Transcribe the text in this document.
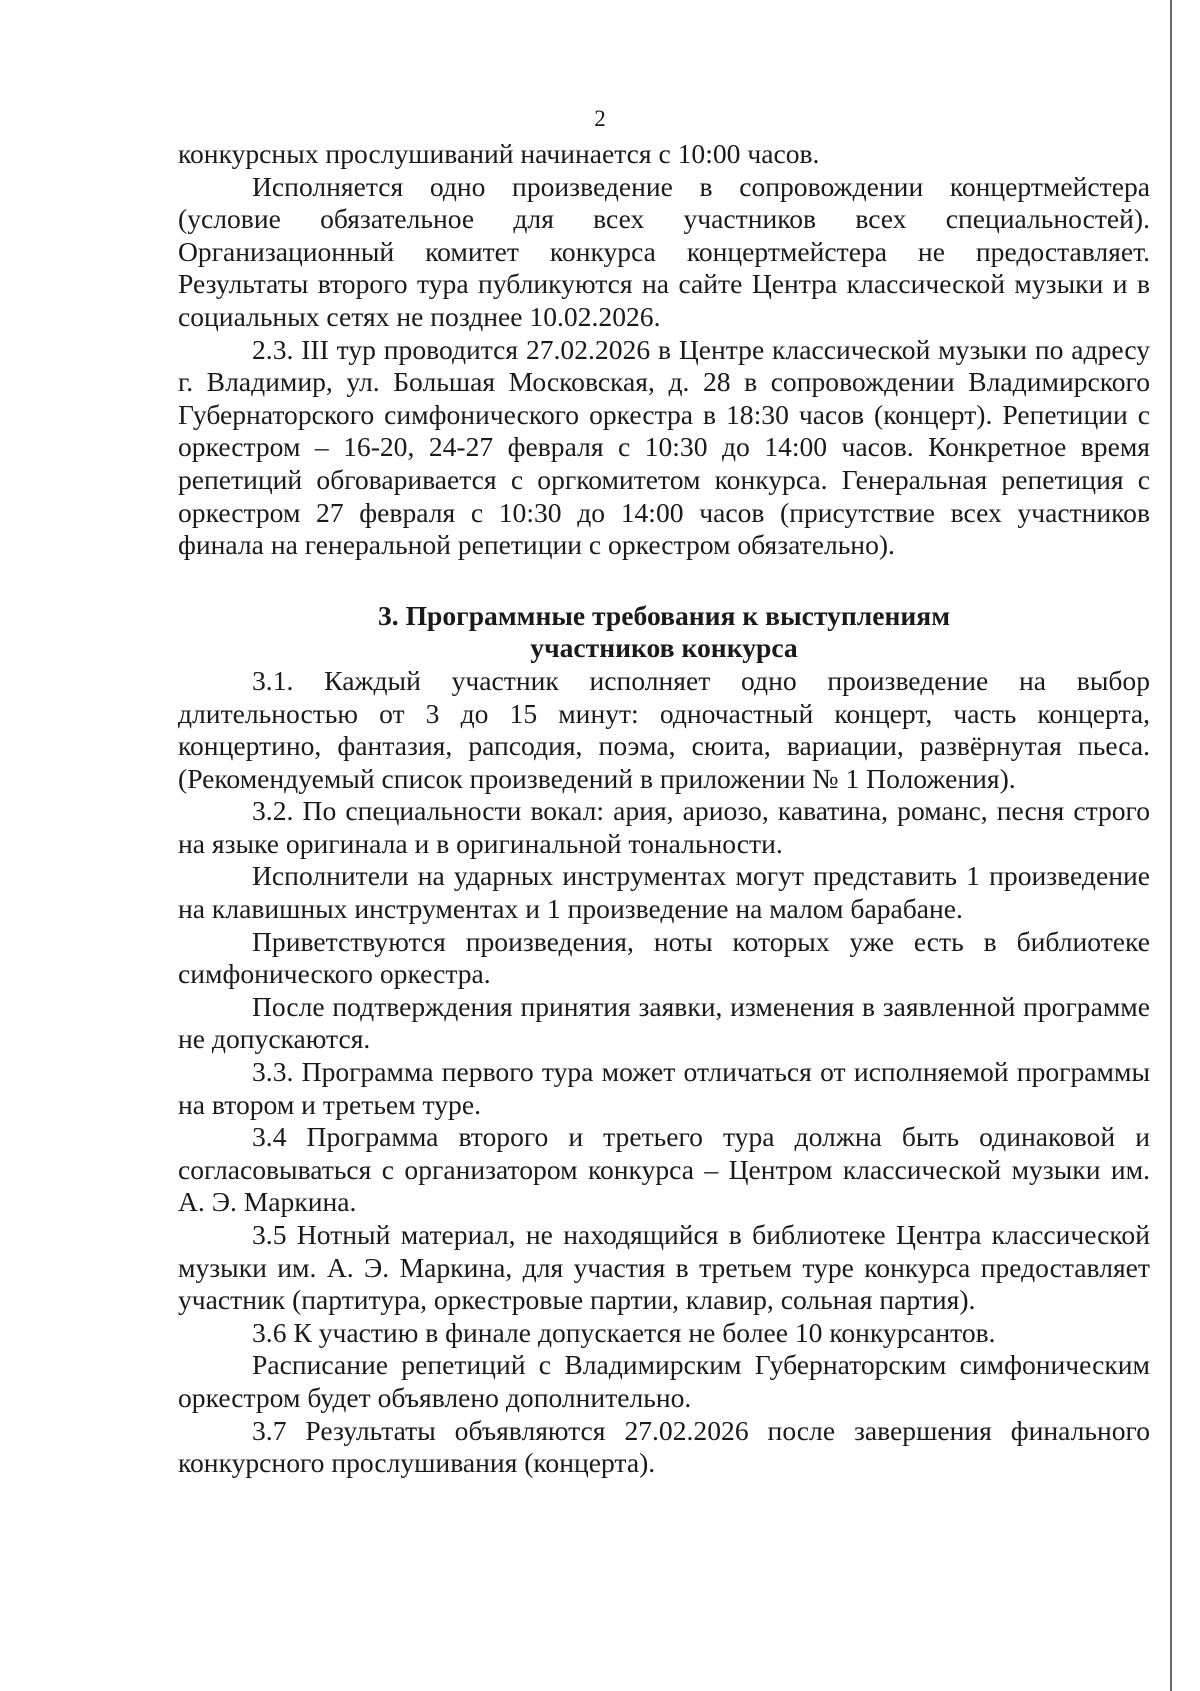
2

конкурсных прослушиваний начинается с 10:00 часов.

Исполняется одно произведение в сопровождении концертмейстера (условие обязательное для всех участников всех специальностей). Организационный комитет конкурса концертмейстера не предоставляет. Результаты второго тура публикуются на сайте Центра классической музыки и в социальных сетях не позднее 10.02.2026.

2.3. III тур проводится 27.02.2026 в Центре классической музыки по адресу г. Владимир, ул. Большая Московская, д. 28 в сопровождении Владимирского Губернаторского симфонического оркестра в 18:30 часов (концерт). Репетиции с оркестром – 16-20, 24-27 февраля с 10:30 до 14:00 часов. Конкретное время репетиций обговаривается с оргкомитетом конкурса. Генеральная репетиция с оркестром 27 февраля с 10:30 до 14:00 часов (присутствие всех участников финала на генеральной репетиции с оркестром обязательно).

3. Программные требования к выступлениям
участников конкурса

3.1. Каждый участник исполняет одно произведение на выбор длительностью от 3 до 15 минут: одночастный концерт, часть концерта, концертино, фантазия, рапсодия, поэма, сюита, вариации, развёрнутая пьеса. (Рекомендуемый список произведений в приложении № 1 Положения).

3.2. По специальности вокал: ария, ариозо, каватина, романс, песня строго на языке оригинала и в оригинальной тональности.

Исполнители на ударных инструментах могут представить 1 произведение на клавишных инструментах и 1 произведение на малом барабане.

Приветствуются произведения, ноты которых уже есть в библиотеке симфонического оркестра.

После подтверждения принятия заявки, изменения в заявленной программе не допускаются.

3.3. Программа первого тура может отличаться от исполняемой программы на втором и третьем туре.

3.4 Программа второго и третьего тура должна быть одинаковой и согласовываться с организатором конкурса – Центром классической музыки им. А. Э. Маркина.

3.5 Нотный материал, не находящийся в библиотеке Центра классической музыки им. А. Э. Маркина, для участия в третьем туре конкурса предоставляет участник (партитура, оркестровые партии, клавир, сольная партия).

3.6 К участию в финале допускается не более 10 конкурсантов.

Расписание репетиций с Владимирским Губернаторским симфоническим оркестром будет объявлено дополнительно.

3.7 Результаты объявляются 27.02.2026 после завершения финального конкурсного прослушивания (концерта).
